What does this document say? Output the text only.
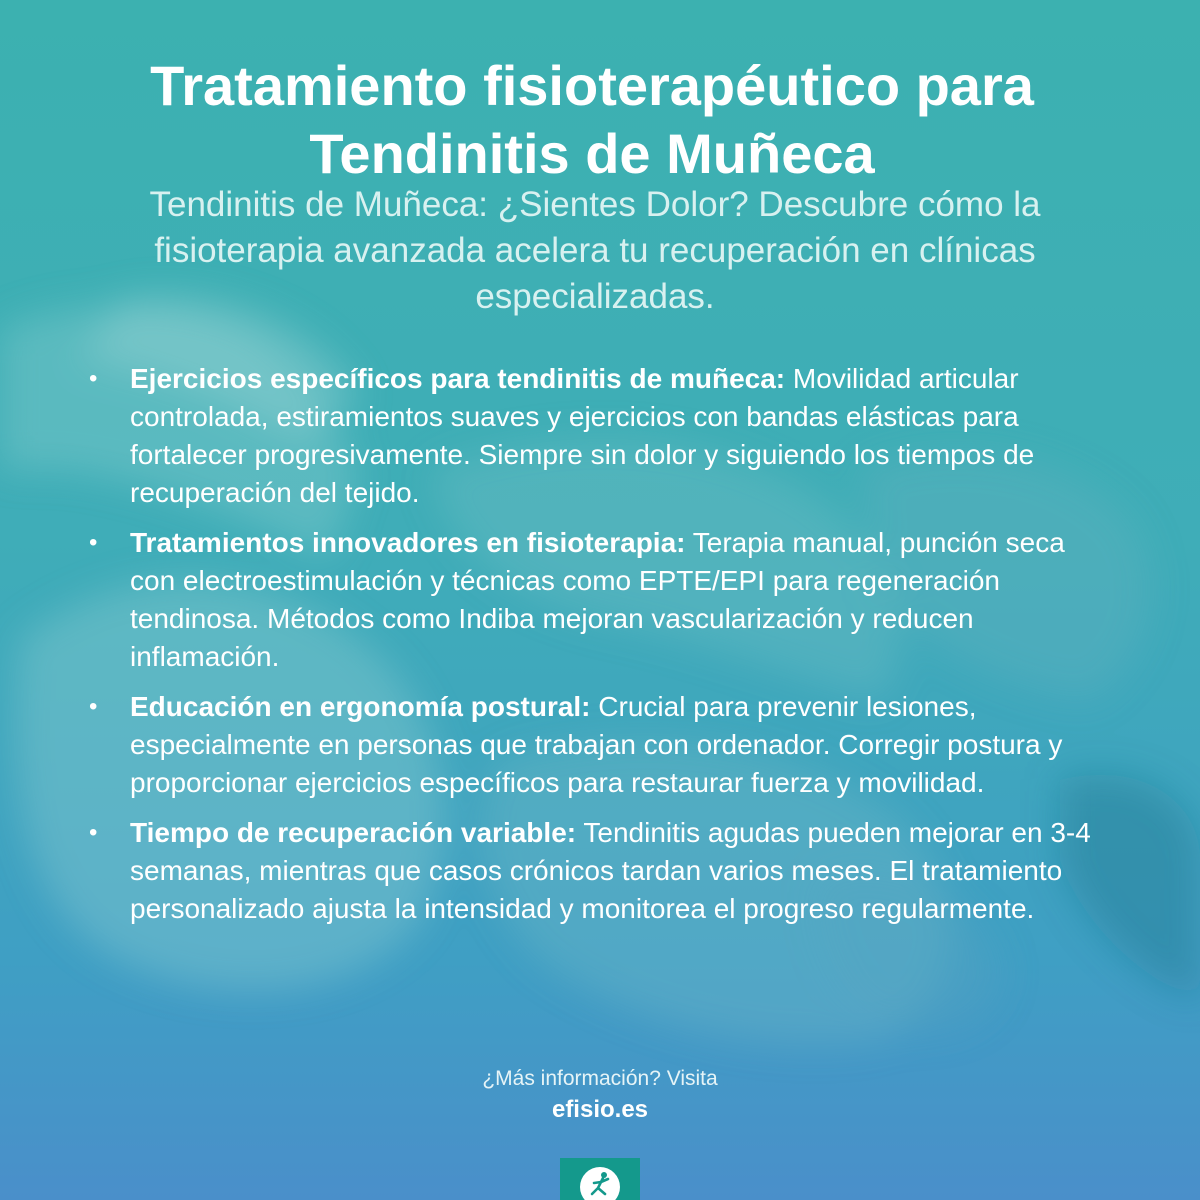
Tratamiento fisioterapéutico para
Tendinitis de Muñeca

Tendinitis de Muñeca: ¿Sientes Dolor? Descubre cómo la fisioterapia avanzada acelera tu recuperación en clínicas especializadas.

• Ejercicios específicos para tendinitis de muñeca: Movilidad articular controlada, estiramientos suaves y ejercicios con bandas elásticas para fortalecer progresivamente. Siempre sin dolor y siguiendo los tiempos de recuperación del tejido.
• Tratamientos innovadores en fisioterapia: Terapia manual, punción seca con electroestimulación y técnicas como EPTE/EPI para regeneración tendinosa. Métodos como Indiba mejoran vascularización y reducen inflamación.
• Educación en ergonomía postural: Crucial para prevenir lesiones, especialmente en personas que trabajan con ordenador. Corregir postura y proporcionar ejercicios específicos para restaurar fuerza y movilidad.
• Tiempo de recuperación variable: Tendinitis agudas pueden mejorar en 3-4 semanas, mientras que casos crónicos tardan varios meses. El tratamiento personalizado ajusta la intensidad y monitorea el progreso regularmente.
¿Más información? Visita
efisio.es
